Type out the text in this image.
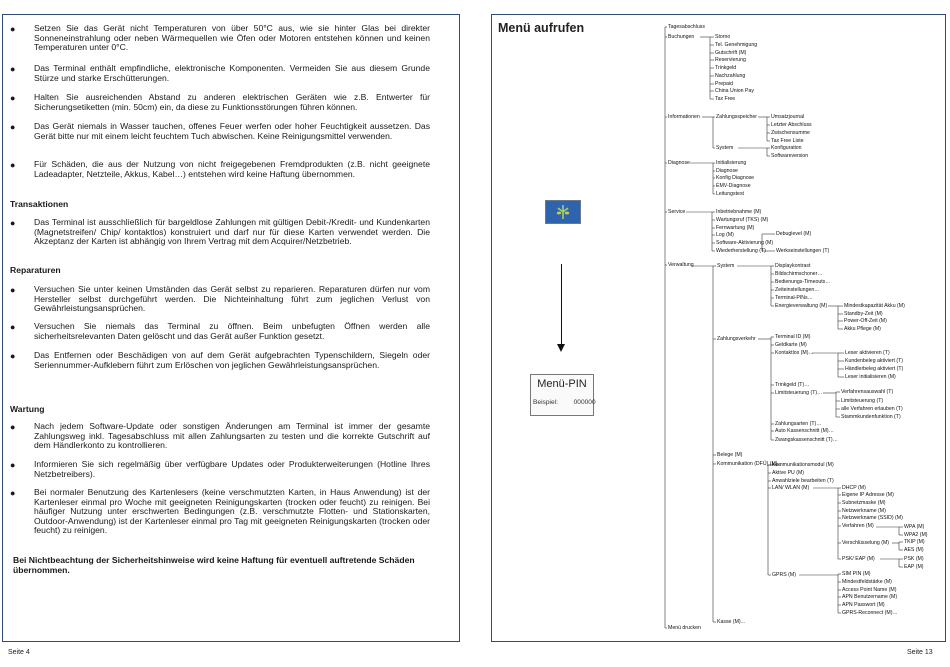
● Setzen Sie das Gerät nicht Temperaturen von über 50°C aus, wie sie hinter Glas bei direkter Sonneneinstrahlung oder neben Wärmequellen wie Öfen oder Motoren entstehen können und keinen Temperaturen unter 0°C.
● Das Terminal enthält empfindliche, elektronische Komponenten. Vermeiden Sie aus diesem Grunde Stürze und starke Erschütterungen.
● Halten Sie ausreichenden Abstand zu anderen elektrischen Geräten wie z.B. Entwerter für Sicherungsetiketten (min. 50cm) ein, da diese zu Funktionsstörungen führen können.
● Das Gerät niemals in Wasser tauchen, offenes Feuer werfen oder hoher Feuchtigkeit aussetzen. Das Gerät bitte nur mit einem leicht feuchtem Tuch abwischen. Keine Reinigungsmittel verwenden.
● Für Schäden, die aus der Nutzung von nicht freigegebenen Fremdprodukten (z.B. nicht geeignete Ladeadapter, Netzteile, Akkus, Kabel…) entstehen wird keine Haftung übernommen.
Transaktionen
● Das Terminal ist ausschließlich für bargeldlose Zahlungen mit gültigen Debit-/Kredit- und Kundenkarten (Magnetstreifen/ Chip/ kontaktlos) konstruiert und darf nur für diese Karten verwendet werden. Die Akzeptanz der Karten ist abhängig von Ihrem Vertrag mit dem Acquirer/Netzbetrieb.
Reparaturen
● Versuchen Sie unter keinen Umständen das Gerät selbst zu reparieren. Reparaturen dürfen nur vom Hersteller selbst durchgeführt werden. Die Nichteinhaltung führt zum jeglichen Verlust von Gewährleistungsansprüchen.
● Versuchen Sie niemals das Terminal zu öffnen. Beim unbefugten Öffnen werden alle sicherheitsrelevanten Daten gelöscht und das Gerät außer Funktion gesetzt.
● Das Entfernen oder Beschädigen von auf dem Gerät aufgebrachten Typenschildern, Siegeln oder Seriennummer-Aufklebern führt zum Erlöschen von jeglichen Gewährleistungsansprüchen.
Wartung
● Nach jedem Software-Update oder sonstigen Änderungen am Terminal ist immer der gesamte Zahlungsweg inkl. Tagesabschluss mit allen Zahlungsarten zu testen und die korrekte Gutschrift auf dem Händlerkonto zu kontrollieren.
● Informieren Sie sich regelmäßig über verfügbare Updates oder Produkterweiterungen (Hotline Ihres Netzbetreibers).
● Bei normaler Benutzung des Kartenlesers (keine verschmutzten Karten, in Haus Anwendung) ist der Kartenleser einmal pro Woche mit geeigneten Reinigungskarten (trocken oder feucht) zu reinigen. Bei häufiger Nutzung unter erschwerten Bedingungen (z.B. verschmutzte Flotten- und Stationskarten, Outdoor-Anwendung) ist der Kartenleser einmal pro Tag mit geeigneten Reinigungskarten (trocken oder feucht) zu reinigen.
Bei Nichtbeachtung der Sicherheitshinweise wird keine Haftung für eventuell auftretende Schäden übernommen.
Seite 4
Menü aufrufen
Menü-PIN
Beispiel: 000000
Tagesabschluss
Buchungen
Informationen
Diagnose
Service
Verwaltung
Menü drucken
Storno
Tel. Genehmigung
Gutschrift (M)
Reservierung
Trinkgeld
Nachzahlung
Prepaid
China Union Pay
Tax Free
Zahlungsspeicher
System
Umsatzjournal
Letzter Abschluss
Zwischensumme
Tax Free Liste
Konfiguration
Softwareversion
Initialisierung
Diagnose
Konfig Diagnose
EMV-Diagnose
Leitungstest
Inbetriebnahme (M)
Wartungsruf (TKS) (M)
Fernwartung (M)
Log (M)
Software-Aktivierung (M)
Wiederherstellung (T)
Debuglevel (M)
Werkseinstellungen (T)
System
Zahlungsverkehr
Belege (M)
Kommunikation (DFÜ) (M)
Kasse (M)...
Displaykontrast
Bildschirmschoner…
Bedienungs-Timeouts…
Zeiteinstellungen…
Terminal-PINs…
Energieverwaltung (M)	Mindestkapazität Akku (M)
Standby-Zeit (M)
Power-Off-Zeit (M)
Akku Pflege (M)
Terminal ID (M)
Geldkarte (M)
Kontaktlos (M)…
Trinkgeld (T)…
Limitsteuerung (T)…
Zahlungsarten (T)…
Auto Kassenschnitt (M)…
Zwangskassenschnitt (T)…
Leser aktivieren (T)
Kundenbeleg aktiviert (T)
Händlerbeleg aktiviert (T)
Leser initialisieren (M)
Verfahrensauswahl (T)
Limitsteuerung (T)
alle Verfahren erlauben (T)
Stammkundenfunktion (T)
Kommunikationsmodul (M)
Aktive PU (M)
Anwahlziele bearbeiten (T)
LAN/ WLAN (M)
GPRS (M)
DHCP (M)
Eigene IP Adresse (M)
Subnetzmaske (M)
Netzwerkname (M)
Netzwerkname (SSID) (M)
Verfahren (M)
Verschlüsselung (M)
PSK/ EAP (M)
WPA (M)
WPA2 (M)
TKIP (M)
AES (M)
PSK (M)
EAP (M)
SIM PIN (M)
Mindestfeldstärke (M)
Access Point Name (M)
APN Benutzername (M)
APN Passwort (M)
GPRS-Reconnect (M)…
Seite 13
